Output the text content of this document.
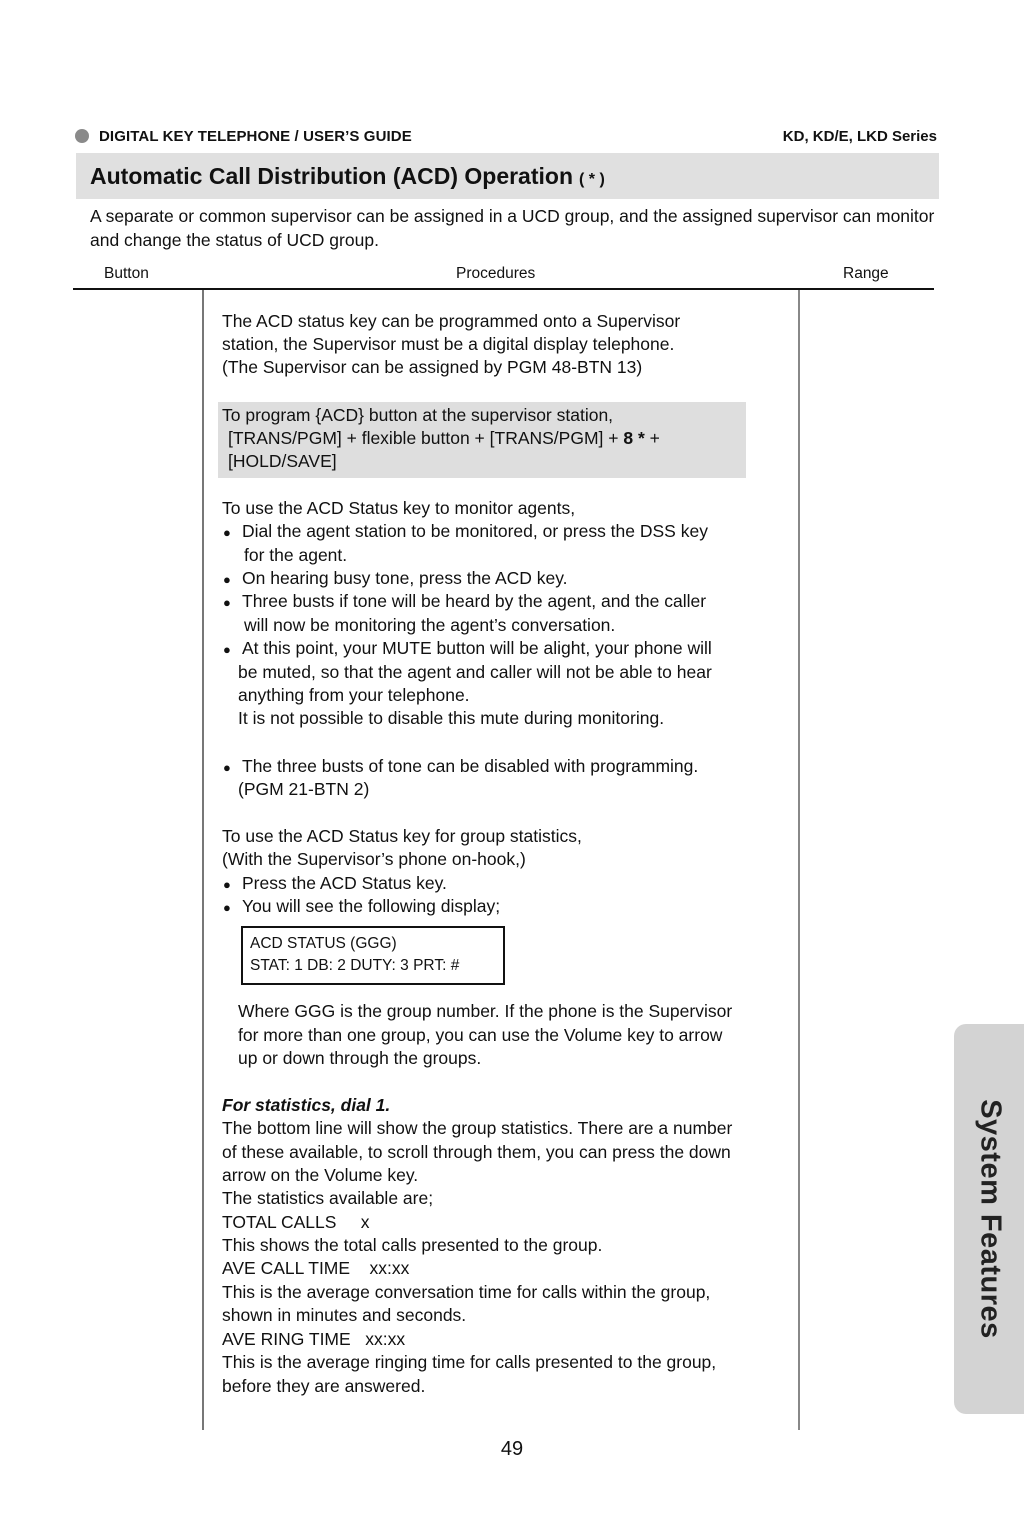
DIGITAL KEY TELEPHONE / USER’S GUIDE	KD, KD/E, LKD Series
Automatic Call Distribution (ACD) Operation ( * )
A separate or common supervisor can be assigned in a UCD group, and the assigned supervisor can monitor and change the status of UCD group.
Button	Procedures	Range
The ACD status key can be programmed onto a Supervisor
station, the Supervisor must be a digital display telephone.
(The Supervisor can be assigned by PGM 48-BTN 13)
To program {ACD} button at the supervisor station,
[TRANS/PGM] + flexible button + [TRANS/PGM] + 8 * +
[HOLD/SAVE]
To use the ACD Status key to monitor agents,
● Dial the agent station to be monitored, or press the DSS key
for the agent.
● On hearing busy tone, press the ACD key.
● Three busts if tone will be heard by the agent, and the caller
will now be monitoring the agent’s conversation.
● At this point, your MUTE button will be alight, your phone will
be muted, so that the agent and caller will not be able to hear
anything from your telephone.
It is not possible to disable this mute during monitoring.
● The three busts of tone can be disabled with programming.
(PGM 21-BTN 2)
To use the ACD Status key for group statistics,
(With the Supervisor’s phone on-hook,)
● Press the ACD Status key.
● You will see the following display;
ACD STATUS (GGG)
STAT: 1 DB: 2 DUTY: 3 PRT: #
Where GGG is the group number. If the phone is the Supervisor
for more than one group, you can use the Volume key to arrow
up or down through the groups.
For statistics, dial 1.
The bottom line will show the group statistics. There are a number
of these available, to scroll through them, you can press the down
arrow on the Volume key.
The statistics available are;
TOTAL CALLS     x
This shows the total calls presented to the group.
AVE CALL TIME    xx:xx
This is the average conversation time for calls within the group,
shown in minutes and seconds.
AVE RING TIME   xx:xx
This is the average ringing time for calls presented to the group,
before they are answered.
System Features
49
